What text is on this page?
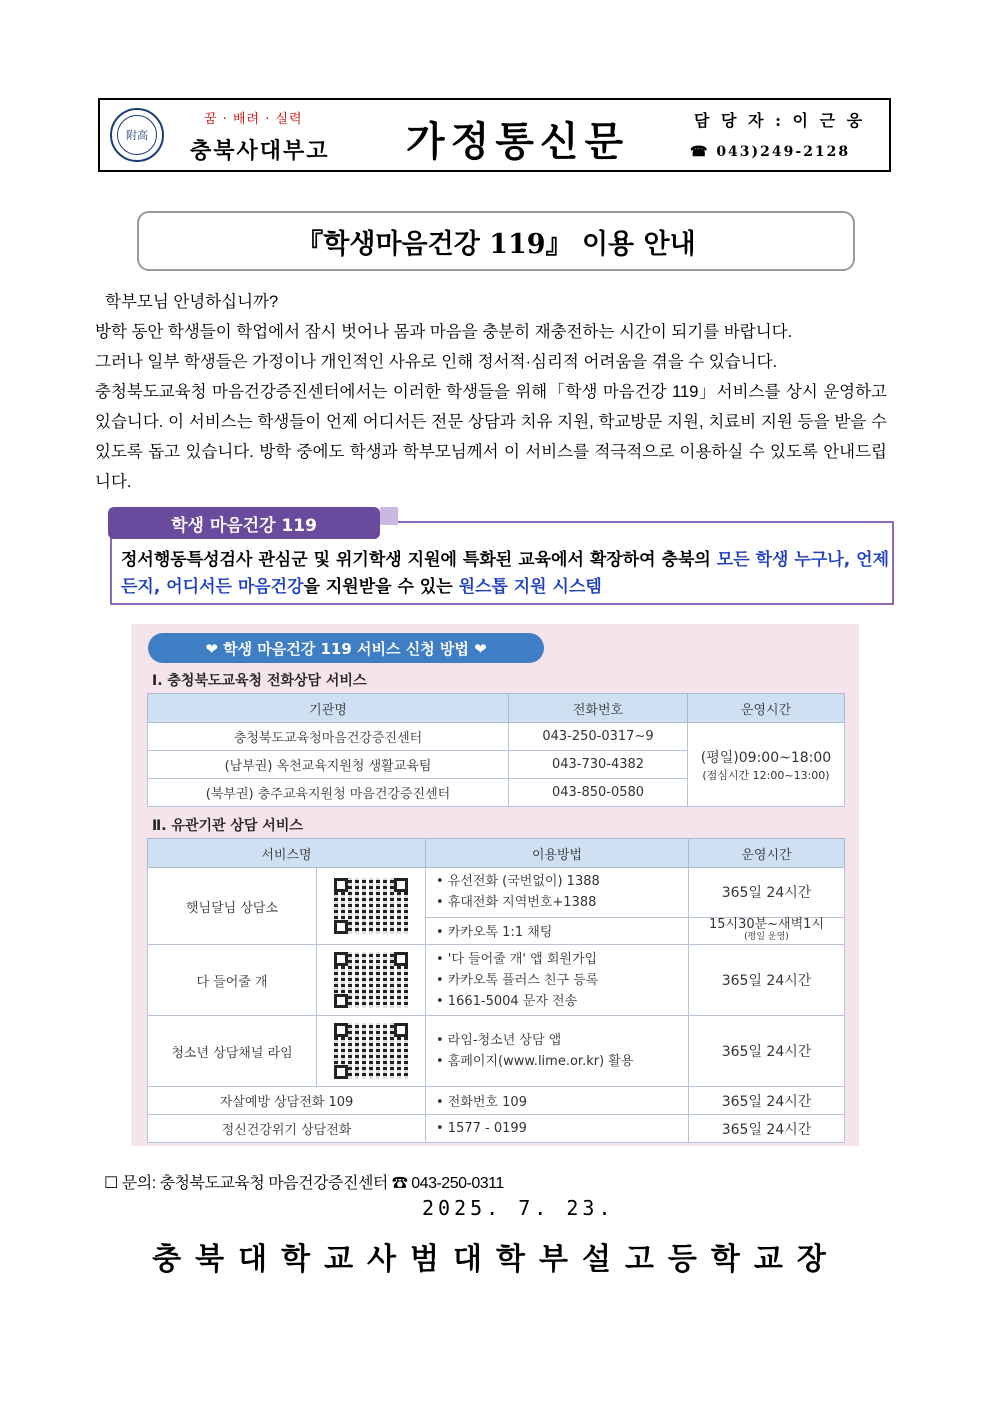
附高
꿈 · 배려 · 실력
충북사대부고 가정통신문	담 당 자 : 이 근 웅
☎ 043)249-2128
『학생마음건강 119』 이용 안내

학부모님 안녕하십니까?

방학 동안 학생들이 학업에서 잠시 벗어나 몸과 마음을 충분히 재충전하는 시간이 되기를 바랍니다.

그러나 일부 학생들은 가정이나 개인적인 사유로 인해 정서적·심리적 어려움을 겪을 수 있습니다.

충청북도교육청 마음건강증진센터에서는 이러한 학생들을 위해「학생 마음건강 119」서비스를 상시 운영하고 있습니다. 이 서비스는 학생들이 언제 어디서든 전문 상담과 치유 지원, 학교방문 지원, 치료비 지원 등을 받을 수 있도록 돕고 있습니다. 방학 중에도 학생과 학부모님께서 이 서비스를 적극적으로 이용하실 수 있도록 안내드립니다.

학생 마음건강 119
정서행동특성검사 관심군 및 위기학생 지원에 특화된 교육에서 확장하여 충북의 모든 학생 누구나, 언제든지, 어디서든 마음건강을 지원받을 수 있는 원스톱 지원 시스템
❤ 학생 마음건강 119 서비스 신청 방법 ❤
Ⅰ. 충청북도교육청 전화상담 서비스
기관명	전화번호	운영시간
충청북도교육청마음건강증진센터	043-250-0317~9	(평일)09:00~18:00
(점심시간 12:00~13:00)

(남부권) 옥천교육지원청 생활교육팀	043-730-4382	
(북부권) 충주교육지원청 마음건강증진센터	043-850-0580	
Ⅱ. 유관기관 상담 서비스
서비스명		이용방법	운영시간
햇님달님 상담소		• 유선전화 (국번없이) 1388
• 휴대전화 지역번호+1388	365일 24시간
		• 카카오톡 1:1 채팅	15시30분~새벽1시
(평일 운영)

다 들어줄 개		• '다 들어줄 개' 앱 회원가입
• 카카오톡 플러스 친구 등록
• 1661-5004 문자 전송	365일 24시간
청소년 상담채널 라임		• 라임-청소년 상담 앱
• 홈페이지(www.lime.or.kr) 활용	365일 24시간
자살예방 상담전화 109		• 전화번호 109	365일 24시간
정신건강위기 상담전화		• 1577 - 0199	365일 24시간
☐ 문의: 충청북도교육청 마음건강증진센터 ☎ 043-250-0311
2025. 7. 23.
충북대학교사범대학부설고등학교장
